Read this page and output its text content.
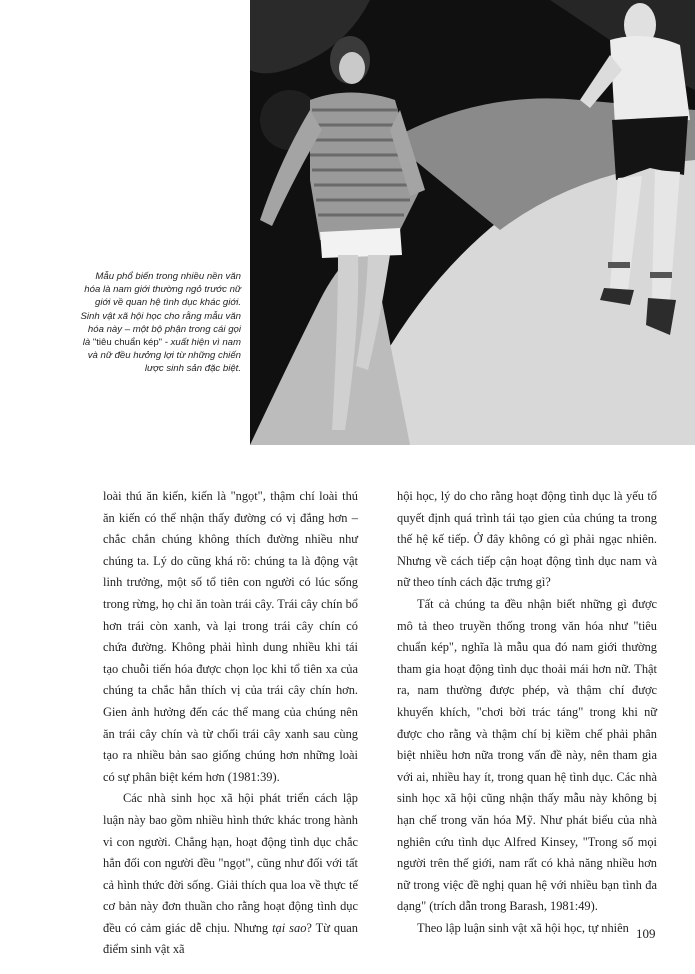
Mẫu phổ biến trong nhiều nền văn hóa là nam giới thường ngỏ trước nữ giới về quan hệ tình dục khác giới. Sinh vật xã hội học cho rằng mẫu văn hóa này – một bộ phận trong cái gọi là "tiêu chuẩn kép" - xuất hiện vì nam và nữ đều hưởng lợi từ những chiến lược sinh sản đặc biệt.

loài thú ăn kiến, kiến là "ngọt", thậm chí loài thú ăn kiến có thể nhận thấy đường có vị đắng hơn – chắc chắn chúng không thích đường nhiều như chúng ta. Lý do cũng khá rõ: chúng ta là động vật linh trưởng, một số tổ tiên con người có lúc sống trong rừng, họ chỉ ăn toàn trái cây. Trái cây chín bổ hơn trái còn xanh, và lại trong trái cây chín có chứa đường. Không phải hình dung nhiều khi tái tạo chuỗi tiến hóa được chọn lọc khi tổ tiên xa của chúng ta chắc hẳn thích vị của trái cây chín hơn. Gien ảnh hưởng đến các thể mang của chúng nên ăn trái cây chín và từ chối trái cây xanh sau cùng tạo ra nhiều bản sao giống chúng hơn những loài có sự phân biệt kém hơn (1981:39).

Các nhà sinh học xã hội phát triển cách lập luận này bao gồm nhiều hình thức khác trong hành vi con người. Chẳng hạn, hoạt động tình dục chắc hẳn đối con người đều "ngọt", cũng như đối với tất cả hình thức đời sống. Giải thích qua loa về thực tế cơ bản này đơn thuần cho rằng hoạt động tình dục đều có cảm giác dễ chịu. Nhưng tại sao? Từ quan điểm sinh vật xã

hội học, lý do cho rằng hoạt động tình dục là yếu tố quyết định quá trình tái tạo gien của chúng ta trong thế hệ kế tiếp. Ở đây không có gì phải ngạc nhiên. Nhưng về cách tiếp cận hoạt động tình dục nam và nữ theo tính cách đặc trưng gì?

Tất cả chúng ta đều nhận biết những gì được mô tả theo truyền thống trong văn hóa như "tiêu chuẩn kép", nghĩa là mẫu qua đó nam giới thường tham gia hoạt động tình dục thoải mái hơn nữ. Thật ra, nam thường được phép, và thậm chí được khuyến khích, "chơi bời trác táng" trong khi nữ được cho rằng và thậm chí bị kiềm chế phải phân biệt nhiều hơn nữa trong vấn đề này, nên tham gia với ai, nhiều hay ít, trong quan hệ tình dục. Các nhà sinh học xã hội cũng nhận thấy mẫu này không bị hạn chế trong văn hóa Mỹ. Như phát biểu của nhà nghiên cứu tình dục Alfred Kinsey, "Trong số mọi người trên thế giới, nam rất có khả năng nhiều hơn nữ trong việc đề nghị quan hệ với nhiều bạn tình đa dạng" (trích dẫn trong Barash, 1981:49).

Theo lập luận sinh vật xã hội học, tự nhiên 109
